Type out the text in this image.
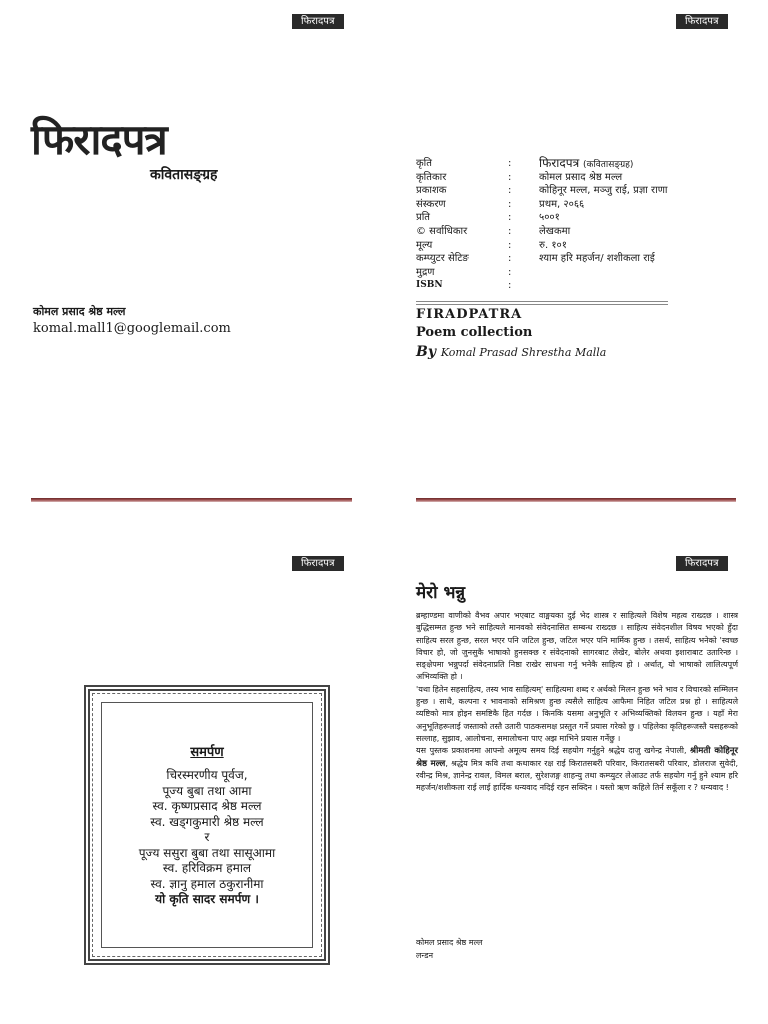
फिरादपत्र
फिरादपत्र
कवितासङ्ग्रह
कोमल प्रसाद श्रेष्ठ मल्ल
komal.mall1@googlemail.com
फिरादपत्र
कृति	:	फिरादपत्र (कवितासङ्ग्रह)
कृतिकार	:	कोमल प्रसाद श्रेष्ठ मल्ल
प्रकाशक	:	कोहिनूर मल्ल, मञ्जु राई, प्रज्ञा राणा
संस्करण	:	प्रथम, २०६६
प्रति	:	५००१
© सर्वाधिकार	:	लेखकमा
मूल्य	:	रु. १०१
कम्प्युटर सेटिङ	:	श्याम हरि महर्जन/ शशीकला राई
मुद्रण	:
ISBN	:
FIRADPATRA
Poem collection
By Komal Prasad Shrestha Malla
फिरादपत्र
समर्पण
चिरस्मरणीय पूर्वज,
पूज्य बुबा तथा आमा
स्व. कृष्णप्रसाद श्रेष्ठ मल्ल
स्व. खड्गकुमारी श्रेष्ठ मल्ल
र
पूज्य ससुरा बुबा तथा सासूआमा
स्व. हरिविक्रम हमाल
स्व. ज्ञानु हमाल ठकुरानीमा
यो कृति सादर समर्पण ।
फिरादपत्र
मेरो भन्नु

ब्रम्हाण्डमा वाणीको वैभव अपार भएबाट वाङ्मयका दुई भेद शास्त्र र साहित्यले विशेष महत्व राख्दछ । शास्त्र बुद्धिसम्मत हुन्छ भने साहित्यले मानवको संवेदनासित सम्बन्ध राख्दछ । साहित्य संवेदनशील विषय भएको हुँदा साहित्य सरल हुन्छ, सरल भएर पनि जटिल हुन्छ, जटिल भएर पनि मार्मिक हुन्छ । तसर्थ, साहित्य भनेको 'स्वच्छ विचार हो, जो जुनसुकै भाषाको हुनसक्छ र संवेदनाको सागरबाट लेखेर, बोलेर अथवा इशाराबाट उतारिन्छ । सङ्क्षेपमा भन्नुपर्दा संवेदनाप्रति निष्ठा राखेर साधना गर्नु भनेकै साहित्य हो । अर्थात्, यो भाषाको लालित्यपूर्ण अभिव्यक्ति हो ।

'यथा हितेन सहसाहित्य, तस्य भाव साहित्यम्' साहित्यमा शब्द र अर्थको मिलन हुन्छ भने भाव र विचारको सम्मिलन हुन्छ । साथै, कल्पना र भावनाको समिश्रण हुन्छ त्यसैले साहित्य आफैमा निहित जटिल प्रश्न हो । साहित्यले व्यष्टिको मात्र होइन समष्टिकै हित गर्दछ । किनकि यसमा अनुभूति र अभिव्यक्तिको विलयन हुन्छ । यहाँ मेरा अनुभूतिहरूलाई जस्ताको तस्तै उतारी पाठकसमक्ष प्रस्तुत गर्ने प्रयास गरेको छु । पहिलेका कृतिहरूजस्तै यसहरूको सल्लाह, सुझाव, आलोचना, समालोचना पाए अझ माभिने प्रयास गर्नेछु ।

यस पुस्तक प्रकाशनमा आफ्नो अमूल्य समय दिई सहयोग गर्नुहुने श्रद्धेय दाजु खगेन्द्र नेपाली, श्रीमती कोहिनूर श्रेष्ठ मल्ल, श्रद्धेय मित्र कवि तथा कथाकार रक्ष राई किरातसबरी परिवार, किरातसबरी परिवार, डोलराज सुवेदी, रवीन्द्र मिश्र, ज्ञानेन्द्र रावल, विमल बराल, सुरेशजङ्ग शाहन्यु तथा कम्प्युटर लेआउट तर्फ सहयोग गर्नु हुने श्याम हरि महर्जन/शशीकला राई लाई हार्दिक धन्यवाद नदिई रहन सक्दिन । यस्तो ऋण कहिले तिर्न सकूँला र ? धन्यवाद !

कोमल प्रसाद श्रेष्ठ मल्ल
लन्डन
